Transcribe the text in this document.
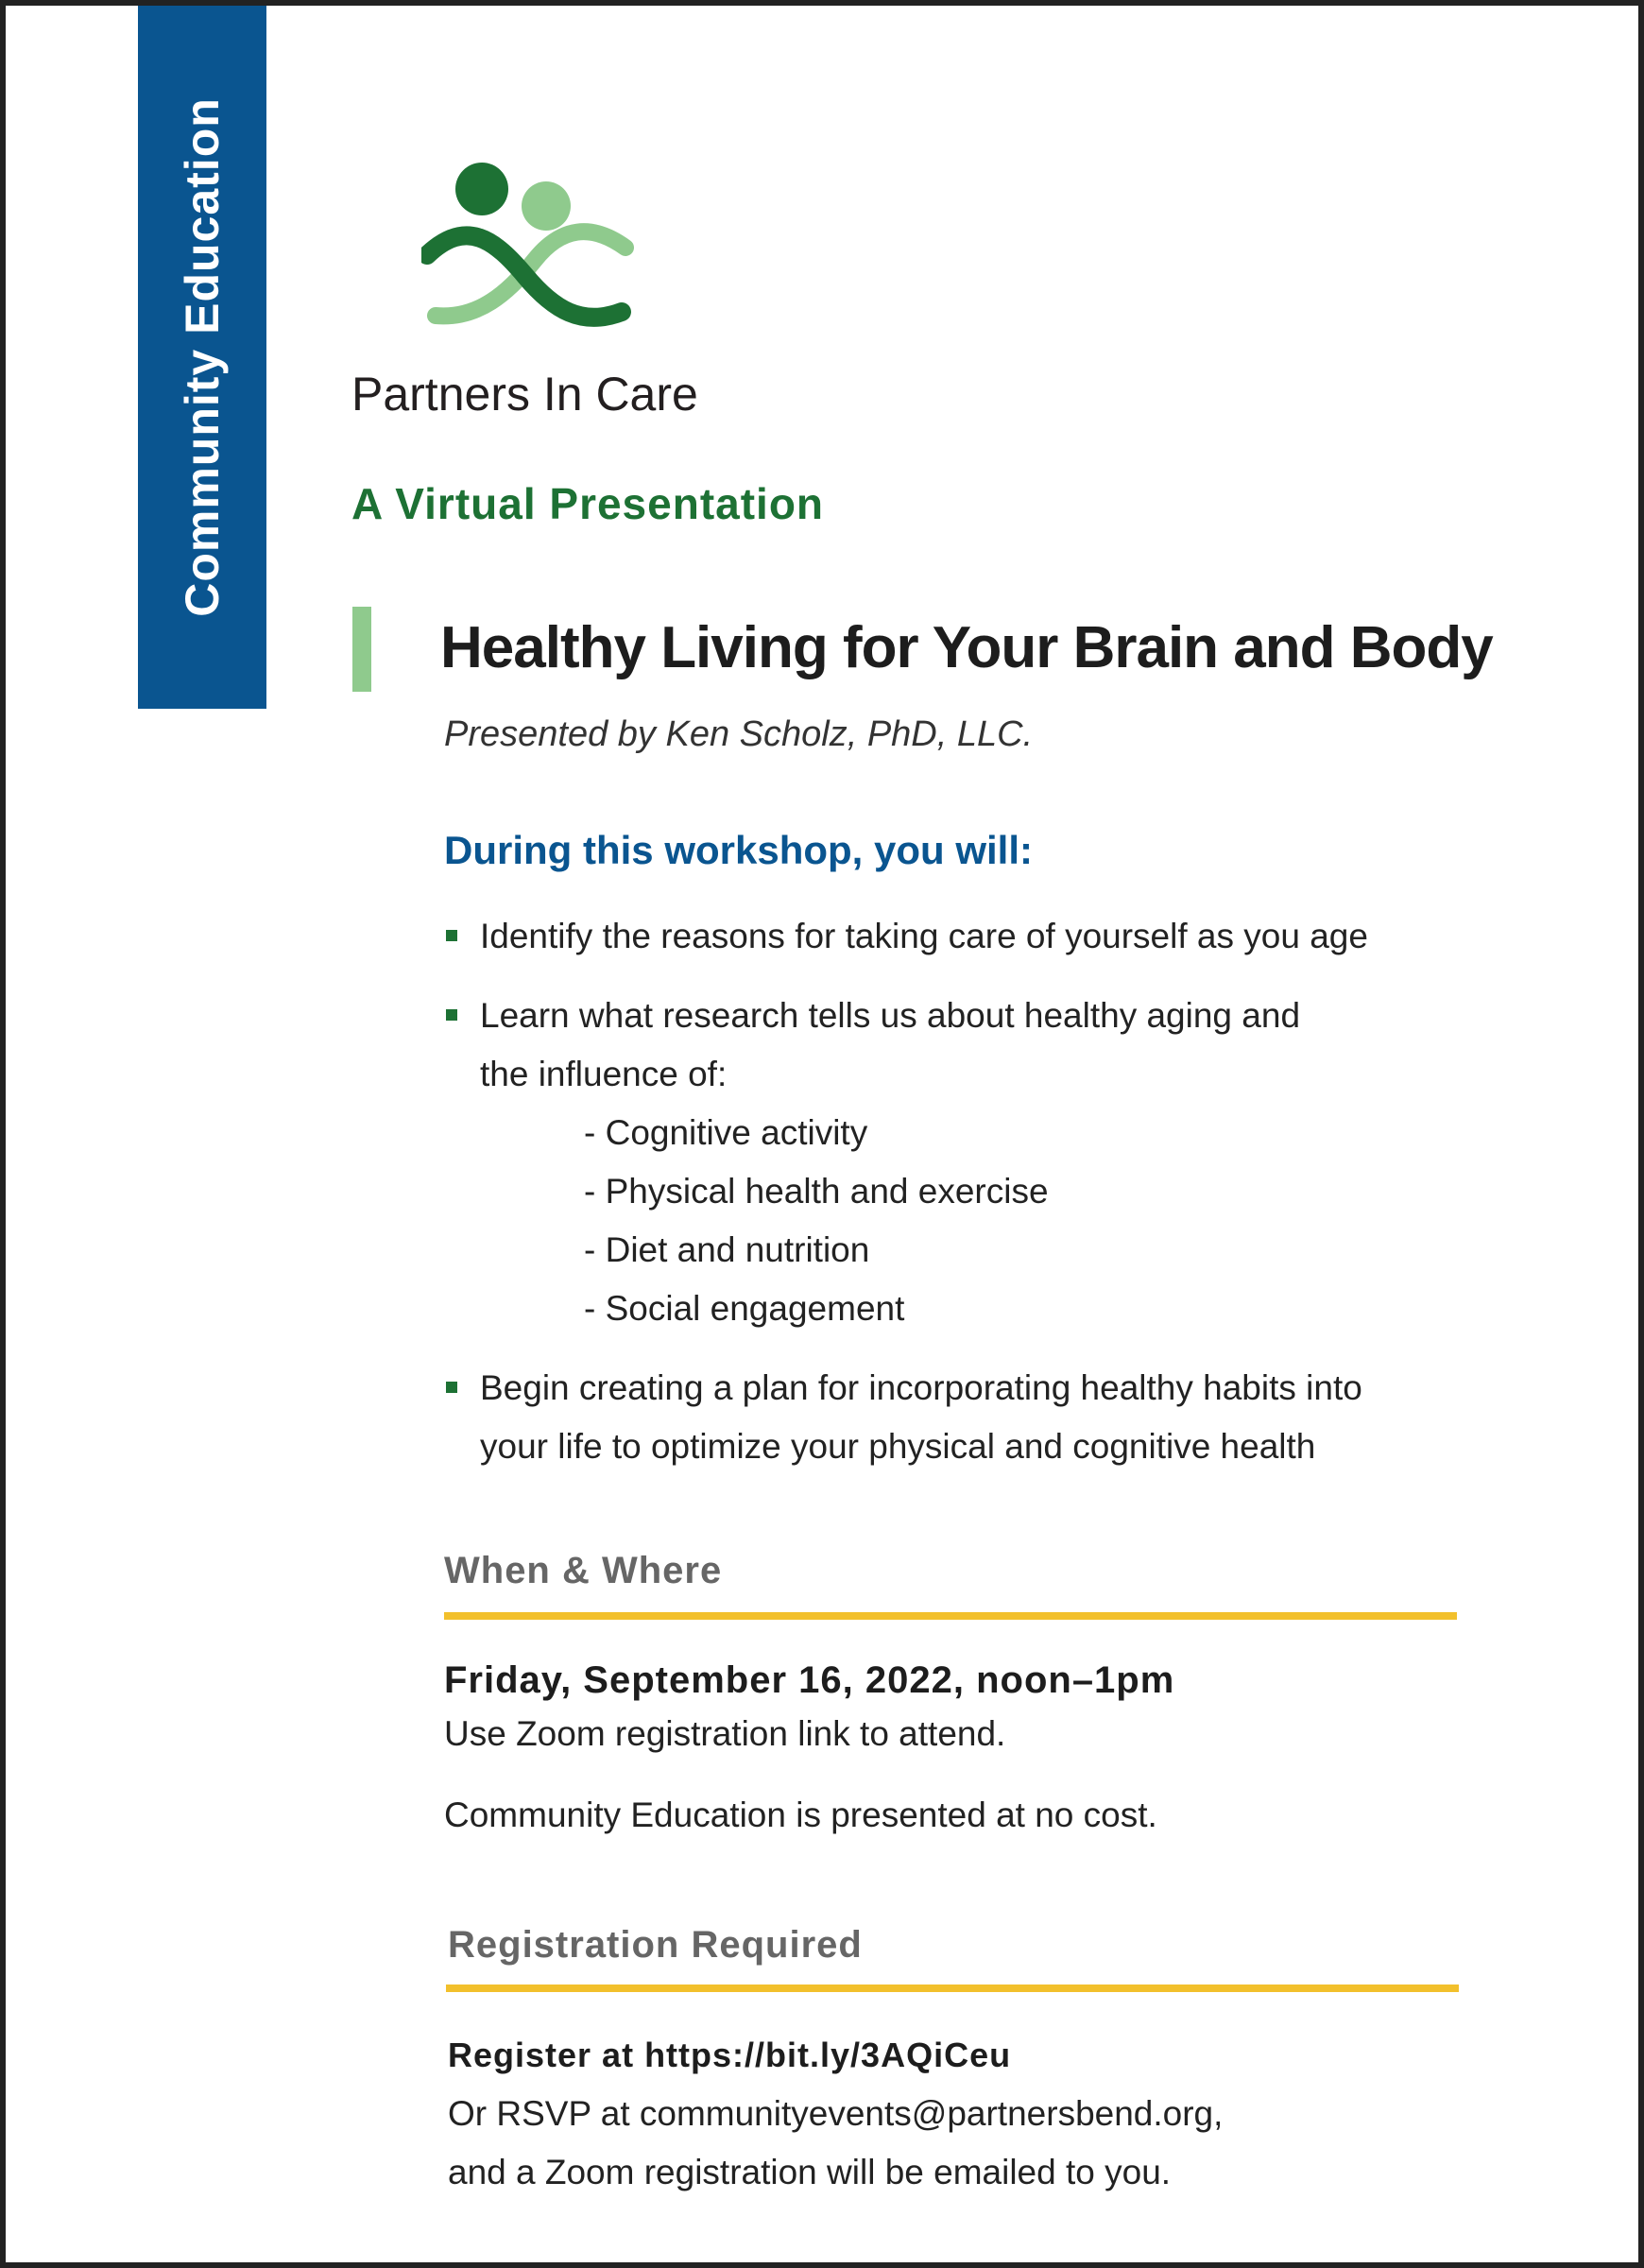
Community Education	Partners In Care
A Virtual Presentation
Healthy Living for Your Brain and Body
Presented by Ken Scholz, PhD, LLC.
During this workshop, you will:
Identify the reasons for taking care of yourself as you age
Learn what research tells us about healthy aging and
the influence of:
- Cognitive activity
- Physical health and exercise
- Diet and nutrition
- Social engagement
Begin creating a plan for incorporating healthy habits into
your life to optimize your physical and cognitive health
When & Where
Friday, September 16, 2022, noon–1pm
Use Zoom registration link to attend.
Community Education is presented at no cost.
Registration Required
Register at https://bit.ly/3AQiCeu
Or RSVP at communityevents@partnersbend.org,
and a Zoom registration will be emailed to you.
